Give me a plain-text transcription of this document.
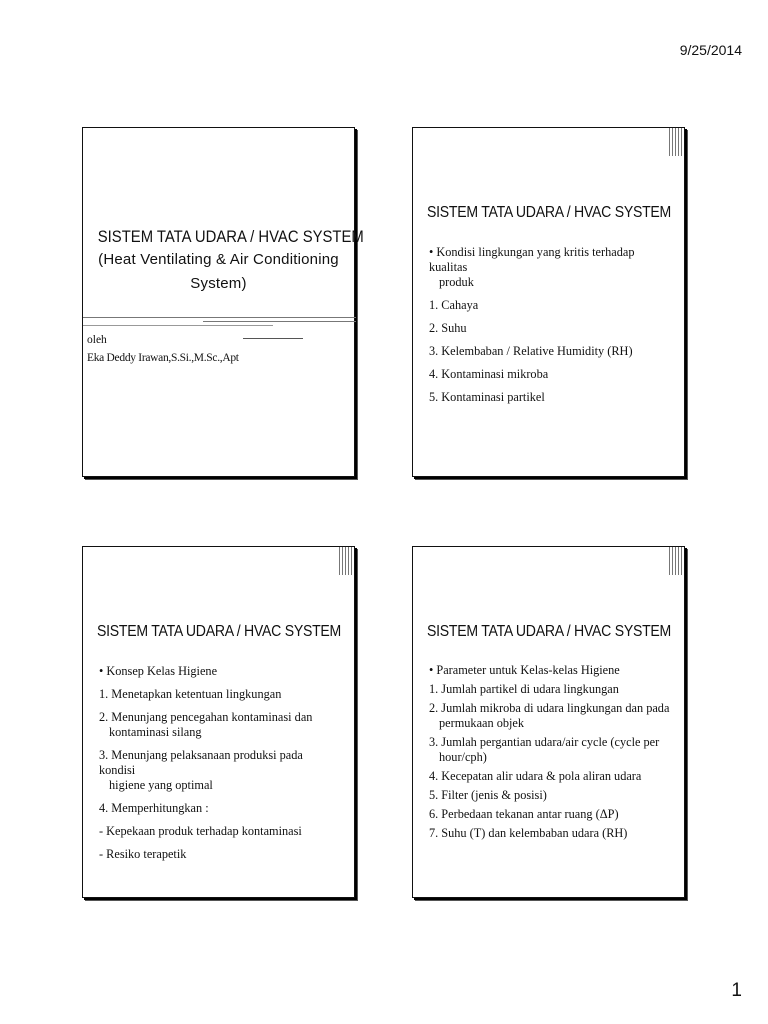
9/25/2014
SISTEM TATA UDARA / HVAC SYSTEM
(Heat Ventilating & Air Conditioning
System)
oleh
Eka Deddy Irawan,S.Si.,M.Sc.,Apt
SISTEM TATA UDARA / HVAC SYSTEM
• Kondisi lingkungan yang kritis terhadap kualitas
produk
1. Cahaya
2. Suhu
3. Kelembaban / Relative Humidity (RH)
4. Kontaminasi mikroba
5. Kontaminasi partikel
SISTEM TATA UDARA / HVAC SYSTEM
• Konsep Kelas Higiene
1. Menetapkan ketentuan lingkungan
2. Menunjang pencegahan kontaminasi dan
kontaminasi silang
3. Menunjang pelaksanaan produksi pada kondisi
higiene yang optimal
4. Memperhitungkan :
- Kepekaan produk terhadap kontaminasi
- Resiko terapetik
SISTEM TATA UDARA / HVAC SYSTEM
• Parameter untuk Kelas-kelas Higiene
1. Jumlah partikel di udara lingkungan
2. Jumlah mikroba di udara lingkungan dan pada
permukaan objek
3. Jumlah pergantian udara/air cycle (cycle per
hour/cph)
4. Kecepatan alir udara & pola aliran udara
5. Filter (jenis & posisi)
6. Perbedaan tekanan antar ruang (ΔP)
7. Suhu (T) dan kelembaban udara (RH)
1
